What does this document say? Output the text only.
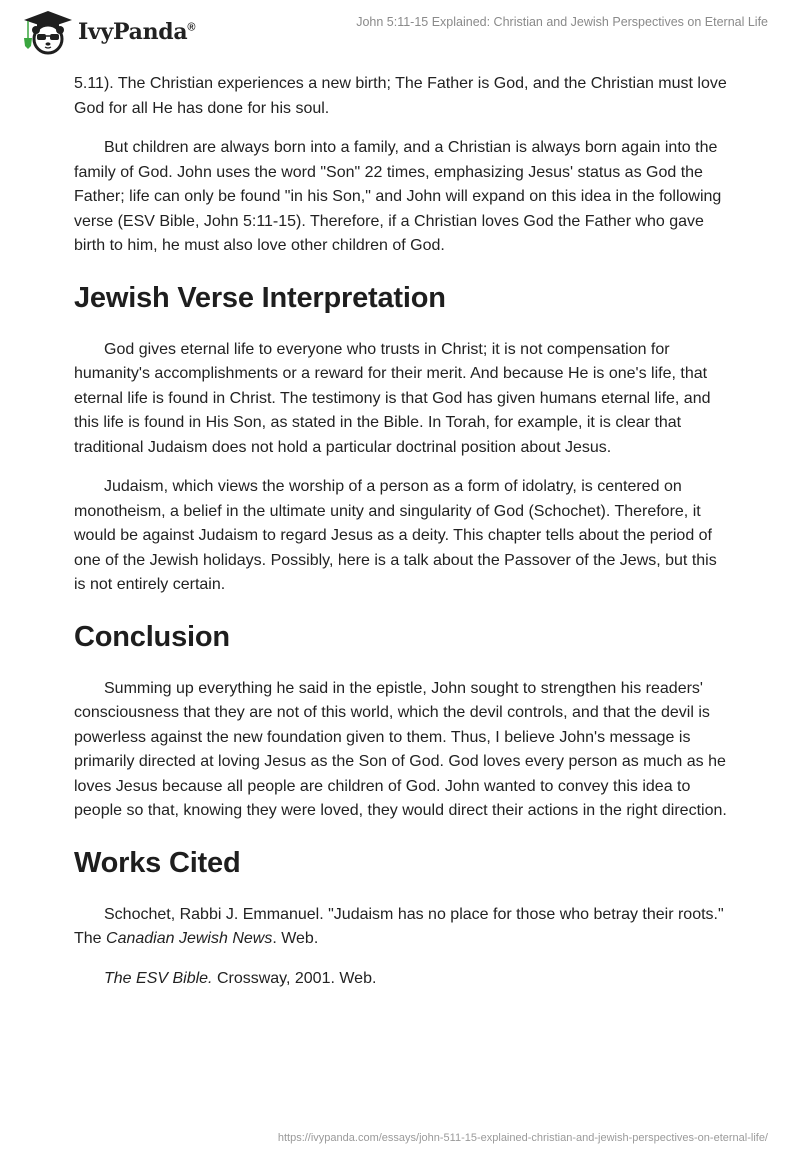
IvyPanda®	John 5:11-15 Explained: Christian and Jewish Perspectives on Eternal Life

5.11). The Christian experiences a new birth; The Father is God, and the Christian must love God for all He has done for his soul.

But children are always born into a family, and a Christian is always born again into the family of God. John uses the word "Son" 22 times, emphasizing Jesus' status as God the Father; life can only be found "in his Son," and John will expand on this idea in the following verse (ESV Bible, John 5:11-15). Therefore, if a Christian loves God the Father who gave birth to him, he must also love other children of God.

Jewish Verse Interpretation

God gives eternal life to everyone who trusts in Christ; it is not compensation for humanity's accomplishments or a reward for their merit. And because He is one's life, that eternal life is found in Christ. The testimony is that God has given humans eternal life, and this life is found in His Son, as stated in the Bible. In Torah, for example, it is clear that traditional Judaism does not hold a particular doctrinal position about Jesus.

Judaism, which views the worship of a person as a form of idolatry, is centered on monotheism, a belief in the ultimate unity and singularity of God (Schochet). Therefore, it would be against Judaism to regard Jesus as a deity. This chapter tells about the period of one of the Jewish holidays. Possibly, here is a talk about the Passover of the Jews, but this is not entirely certain.

Conclusion

Summing up everything he said in the epistle, John sought to strengthen his readers' consciousness that they are not of this world, which the devil controls, and that the devil is powerless against the new foundation given to them. Thus, I believe John's message is primarily directed at loving Jesus as the Son of God. God loves every person as much as he loves Jesus because all people are children of God. John wanted to convey this idea to people so that, knowing they were loved, they would direct their actions in the right direction.

Works Cited

Schochet, Rabbi J. Emmanuel. "Judaism has no place for those who betray their roots." The Canadian Jewish News. Web.

The ESV Bible. Crossway, 2001. Web.

https://ivypanda.com/essays/john-511-15-explained-christian-and-jewish-perspectives-on-eternal-life/
